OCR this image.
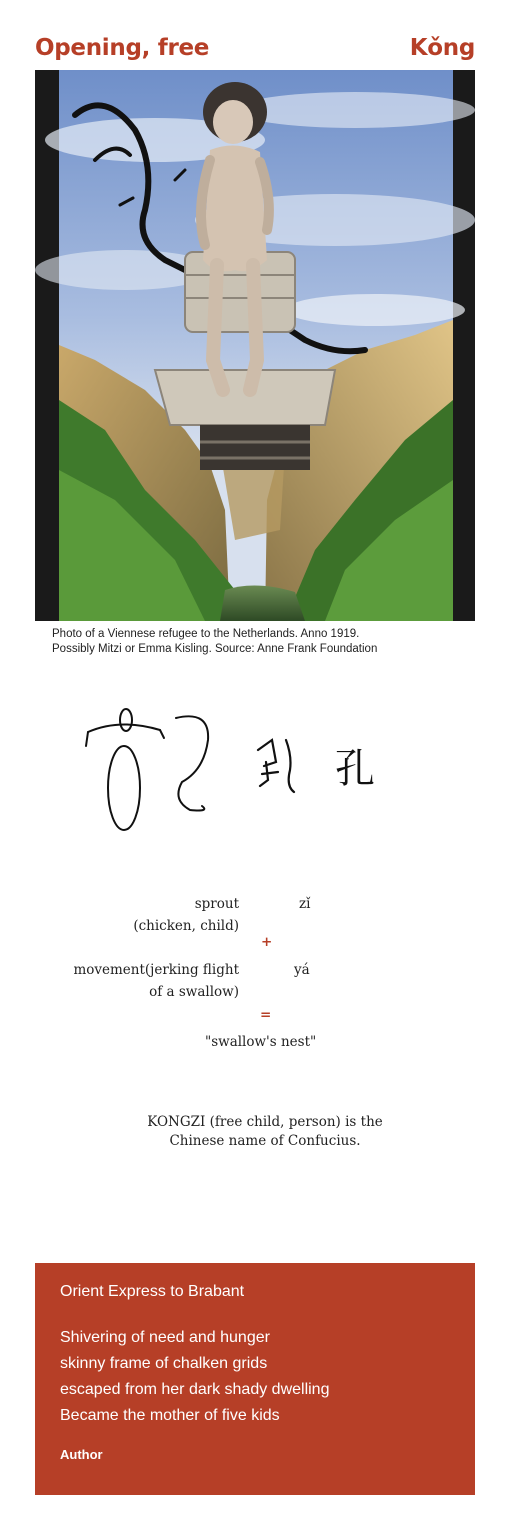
Opening, free	Kǒng
Photo of a Viennese refugee to the Netherlands. Anno 1919.
Possibly Mitzi or Emma Kisling. Source: Anne Frank Foundation
孔
sprout	zǐ
(chicken, child)
+
movement(jerking flight	yá
of a swallow)
=
"swallow's nest"
KONGZI (free child, person) is the
Chinese name of Confucius.
Orient Express to Brabant
Shivering of need and hunger
skinny frame of chalken grids
escaped from her dark shady dwelling
Became the mother of five kids
Author
